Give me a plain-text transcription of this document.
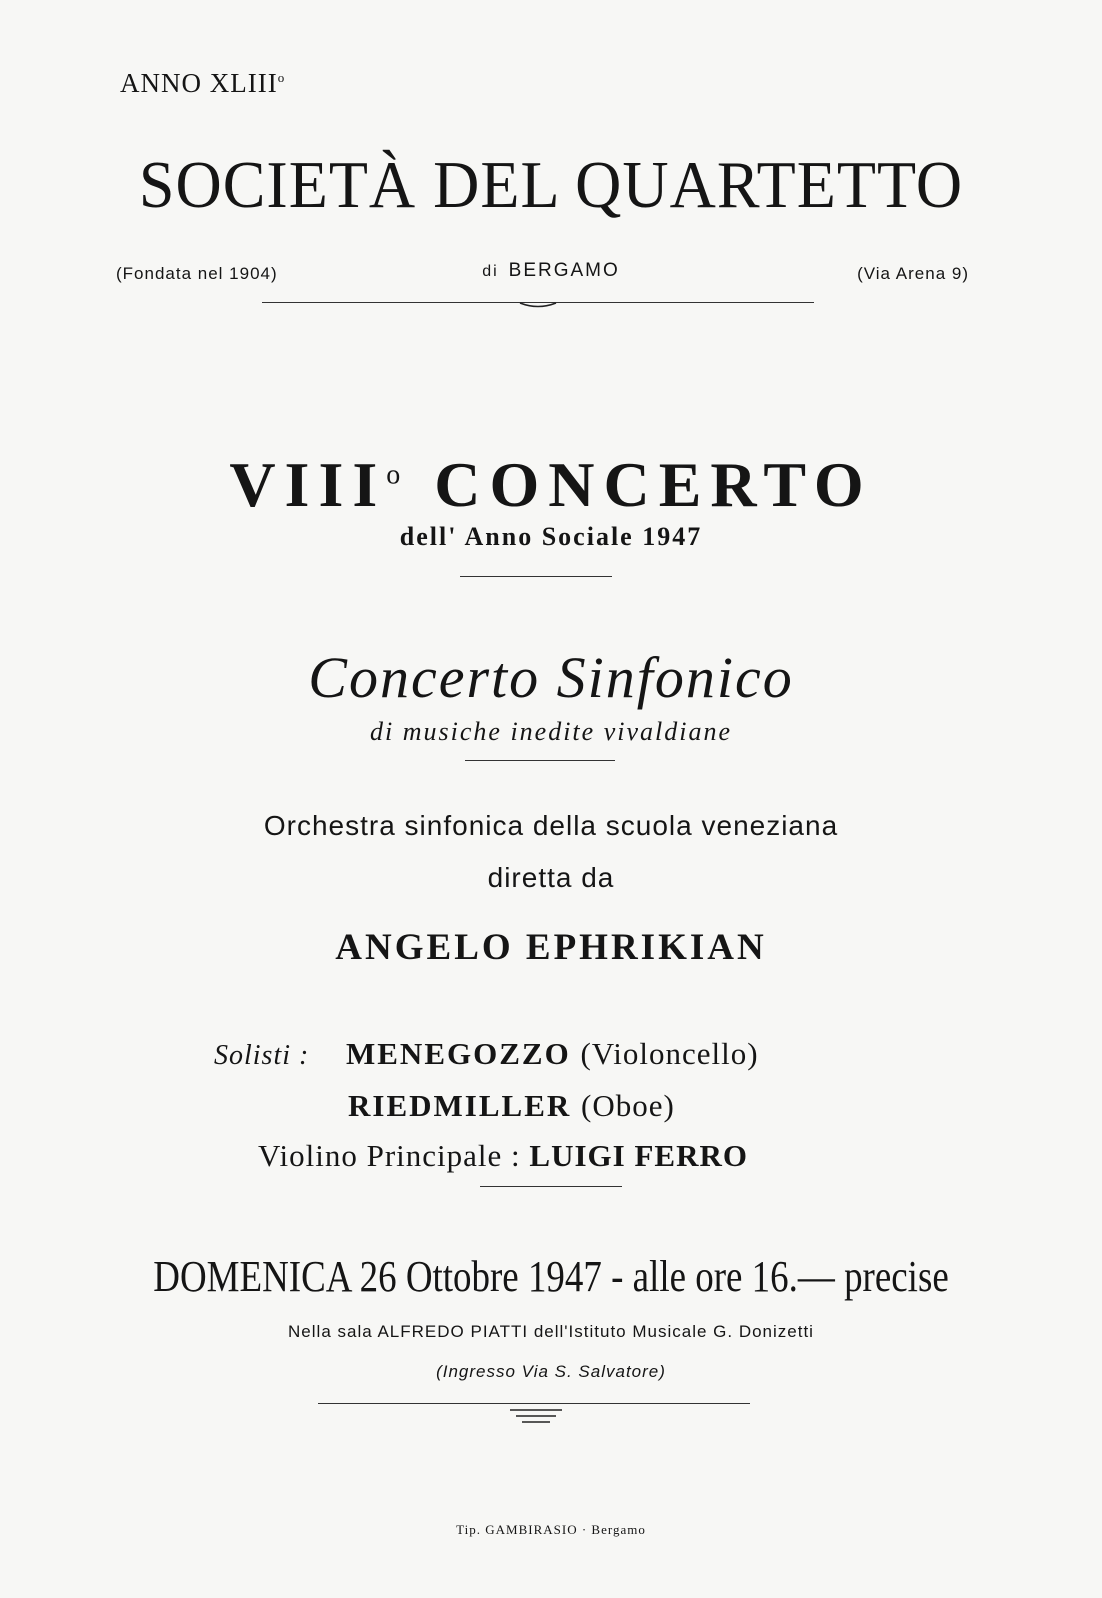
ANNO XLIII$^o$
SOCIETÀ DEL QUARTETTO
(Fondata nel 1904)	di BERGAMO	(Via Arena 9)
VIII$^o$ CONCERTO
dell' Anno Sociale 1947
Concerto Sinfonico
di musiche inedite vivaldiane
Orchestra sinfonica della scuola veneziana
diretta da
ANGELO EPHRIKIAN
Solisti : MENEGOZZO (Violoncello)
RIEDMILLER (Oboe)
Violino Principale : LUIGI FERRO
DOMENICA 26 Ottobre 1947 - alle ore 16.— precise
Nella sala ALFREDO PIATTI dell'Istituto Musicale G. Donizetti
(Ingresso Via S. Salvatore)
Tip. GAMBIRASIO · Bergamo
